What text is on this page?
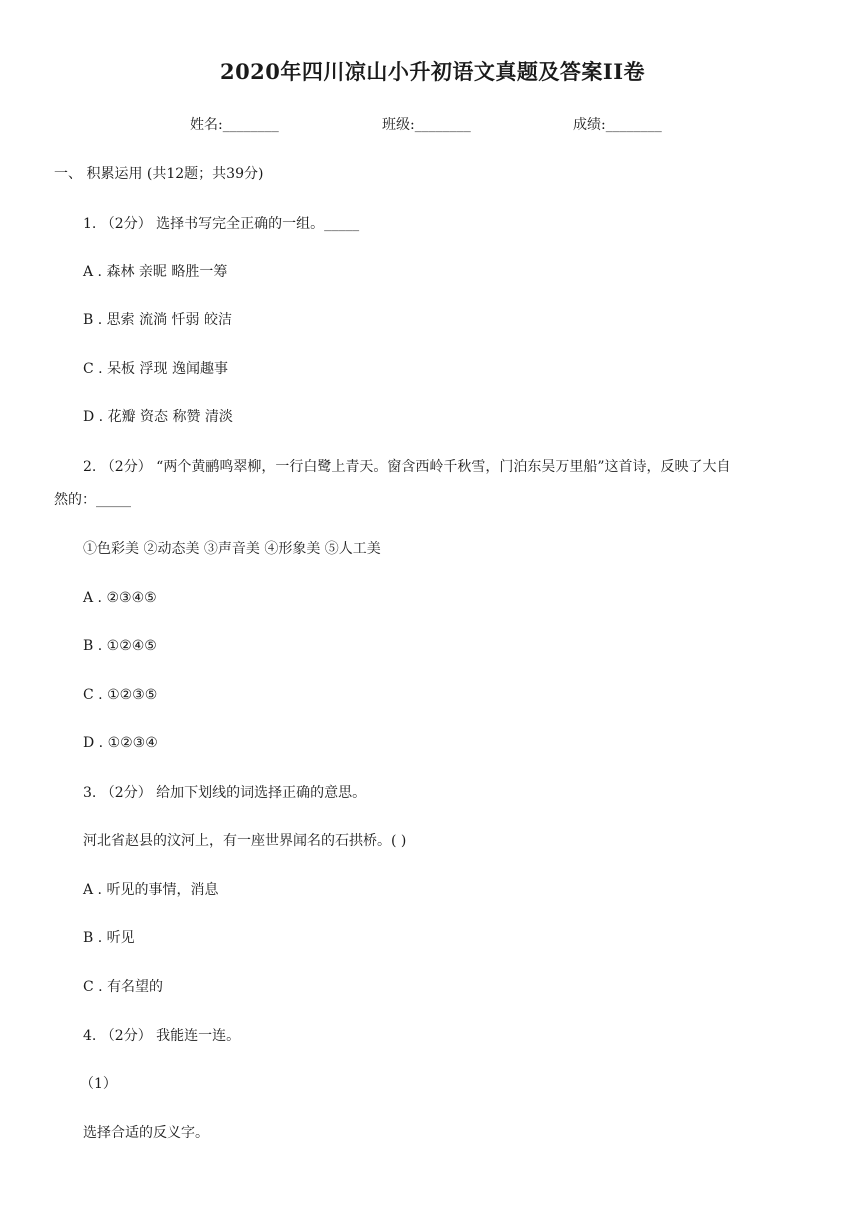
2020年四川凉山小升初语文真题及答案II卷
姓名:________	班级:________	成绩:________
一、 积累运用 (共12题；共39分)
1. （2分） 选择书写完全正确的一组。_____
A . 森林 亲昵 略胜一筹
B . 思索 流淌 忏弱 皎洁
C . 呆板 浮现 逸闻趣事
D . 花瓣 资态 称赞 清淡
2. （2分） “两个黄鹂鸣翠柳，一行白鹭上青天。窗含西岭千秋雪，门泊东吴万里船”这首诗，反映了大自
然的：_____
①色彩美 ②动态美 ③声音美 ④形象美 ⑤人工美
A . ②③④⑤
B . ①②④⑤
C . ①②③⑤
D . ①②③④
3. （2分） 给加下划线的词选择正确的意思。
河北省赵县的汶河上，有一座世界闻名的石拱桥。( )
A . 听见的事情，消息
B . 听见
C . 有名望的
4. （2分） 我能连一连。
（1）
选择合适的反义字。
